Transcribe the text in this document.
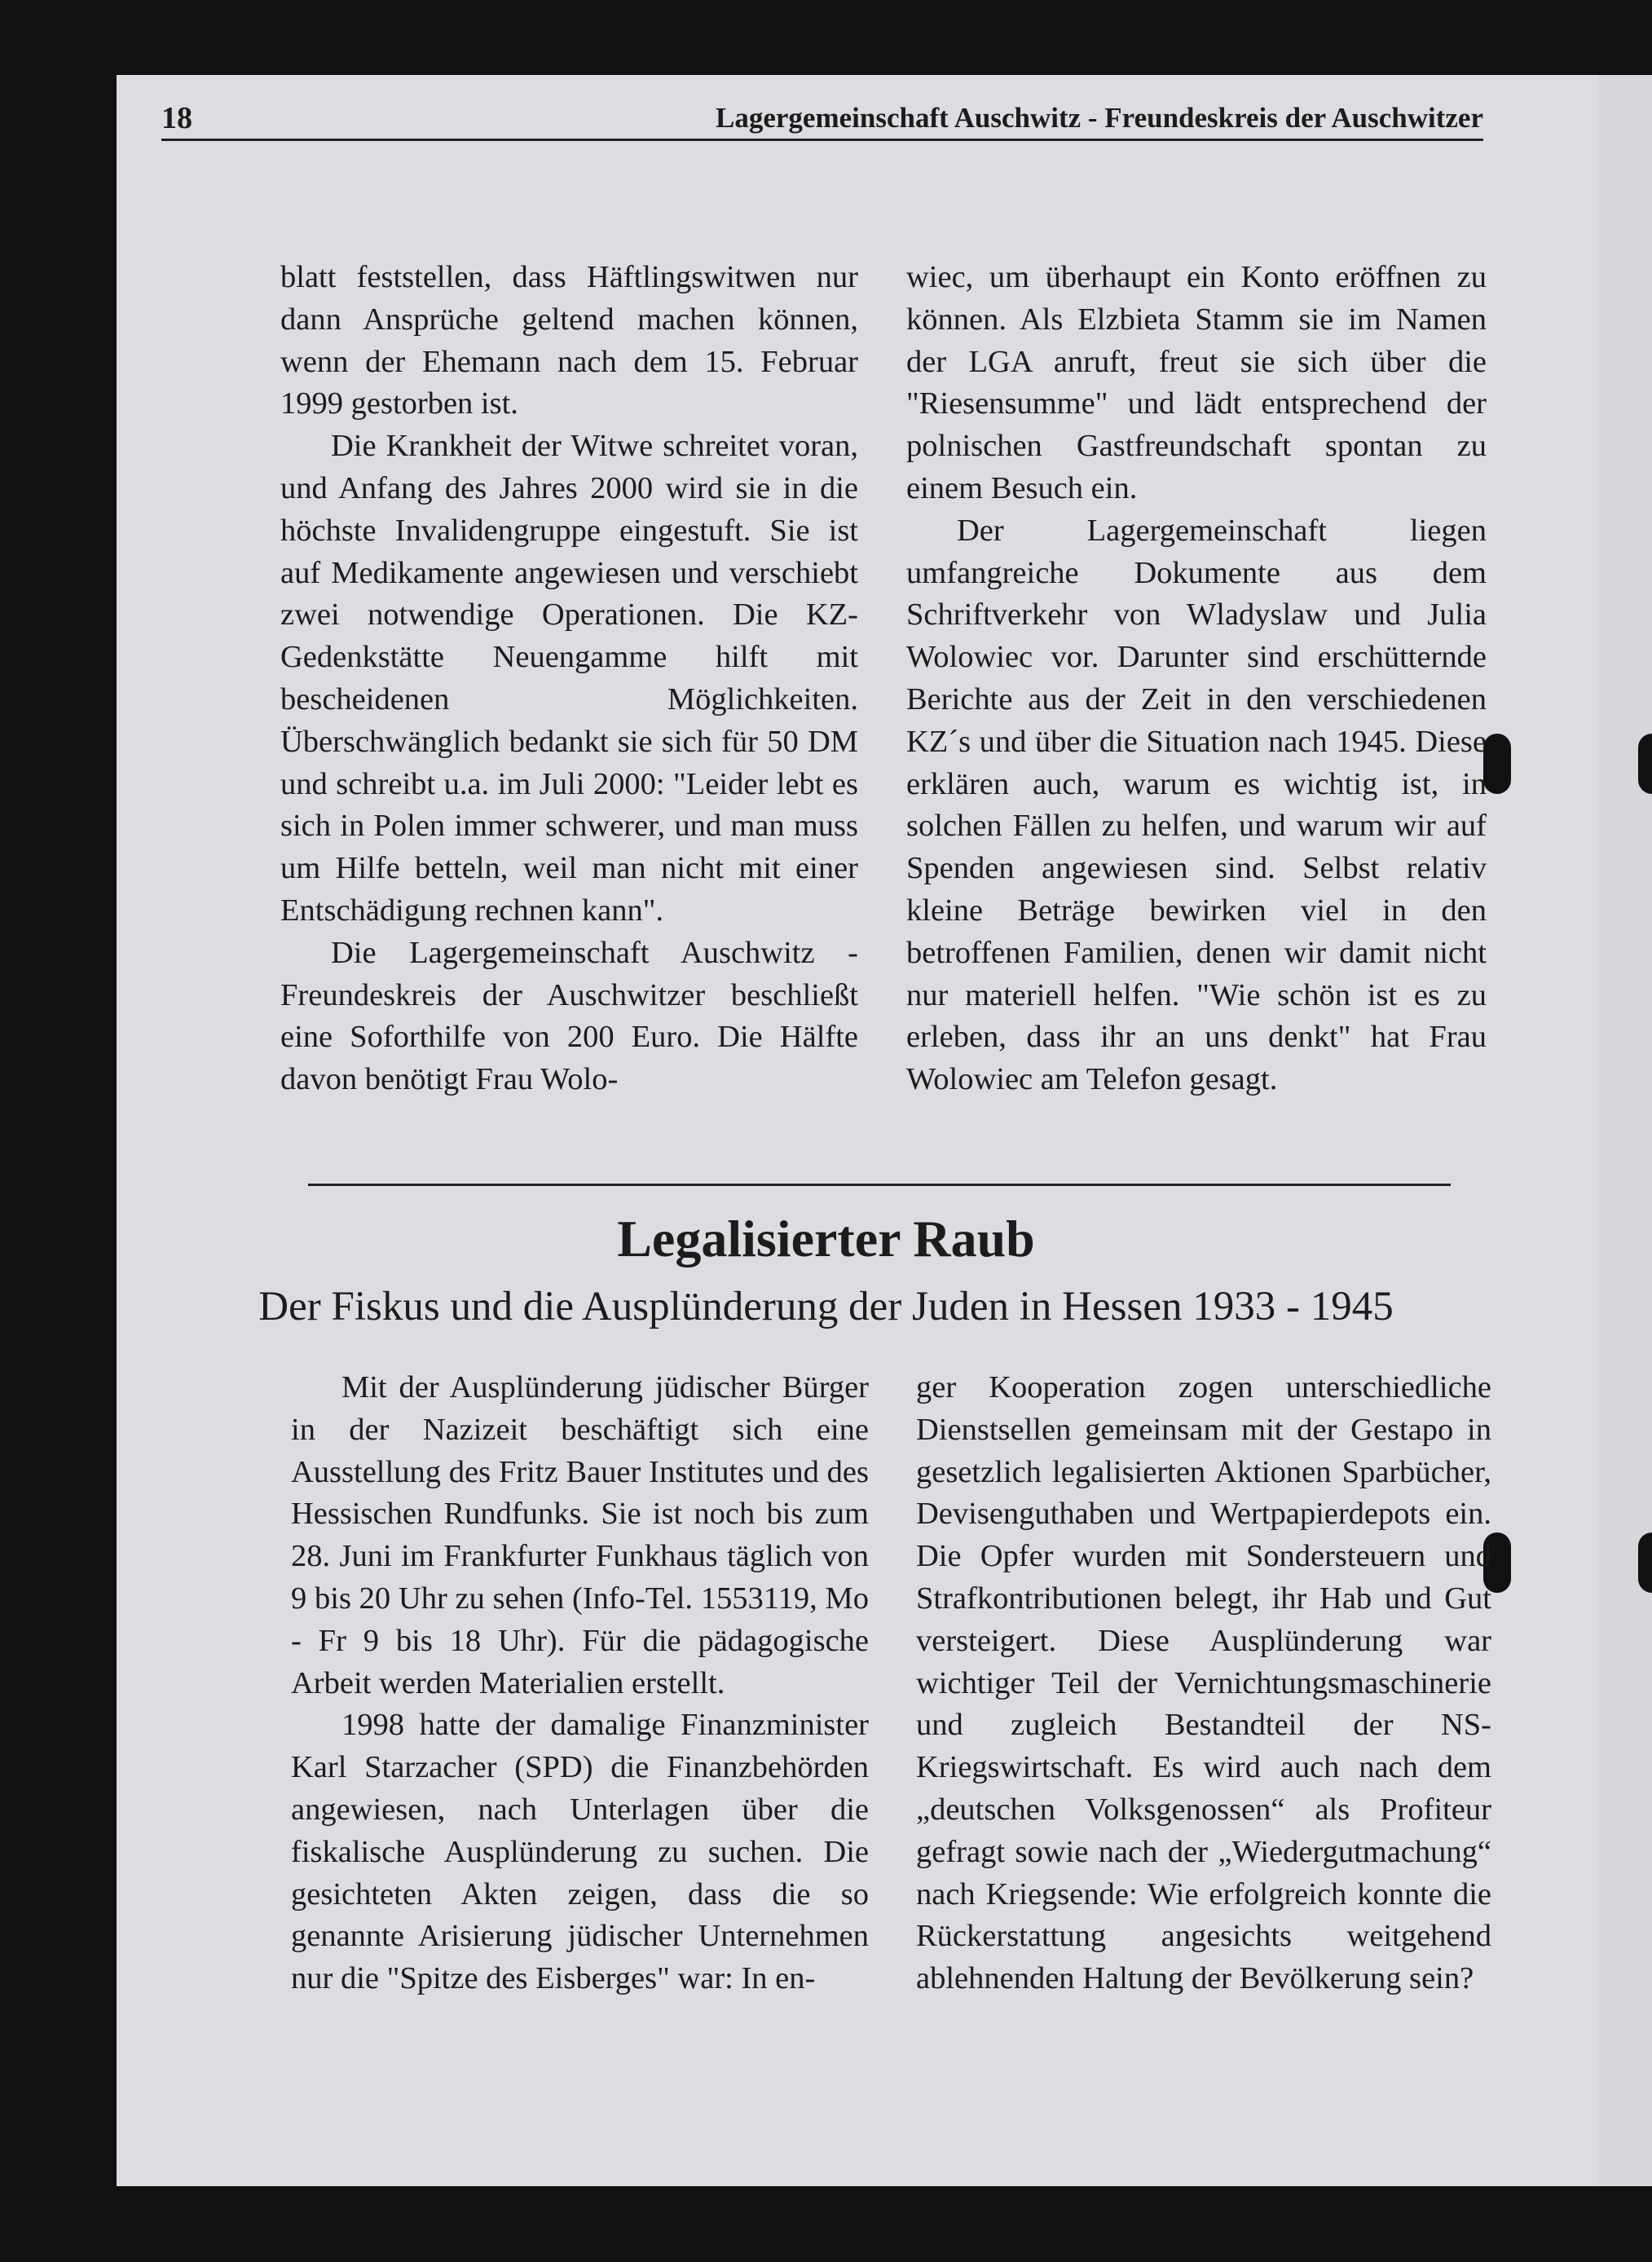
18	Lagergemeinschaft Auschwitz - Freundeskreis der Auschwitzer

blatt feststellen, dass Häftlingswitwen nur dann Ansprüche geltend machen können, wenn der Ehemann nach dem 15. Februar 1999 gestorben ist.

Die Krankheit der Witwe schreitet voran, und Anfang des Jahres 2000 wird sie in die höchste Invalidengruppe eingestuft. Sie ist auf Medikamente angewiesen und verschiebt zwei notwendige Operationen. Die KZ-Gedenkstätte Neuengamme hilft mit bescheidenen Möglichkeiten. Überschwänglich bedankt sie sich für 50 DM und schreibt u.a. im Juli 2000: "Leider lebt es sich in Polen immer schwerer, und man muss um Hilfe betteln, weil man nicht mit einer Entschädigung rechnen kann".

Die Lagergemeinschaft Auschwitz - Freundeskreis der Auschwitzer beschließt eine Soforthilfe von 200 Euro. Die Hälfte davon benötigt Frau Wolo-

wiec, um überhaupt ein Konto eröffnen zu können. Als Elzbieta Stamm sie im Namen der LGA anruft, freut sie sich über die "Riesensumme" und lädt entsprechend der polnischen Gastfreundschaft spontan zu einem Besuch ein.

Der Lagergemeinschaft liegen umfangreiche Dokumente aus dem Schriftverkehr von Wladyslaw und Julia Wolowiec vor. Darunter sind erschütternde Berichte aus der Zeit in den verschiedenen KZ´s und über die Situation nach 1945. Diese erklären auch, warum es wichtig ist, in solchen Fällen zu helfen, und warum wir auf Spenden angewiesen sind. Selbst relativ kleine Beträge bewirken viel in den betroffenen Familien, denen wir damit nicht nur materiell helfen. "Wie schön ist es zu erleben, dass ihr an uns denkt" hat Frau Wolowiec am Telefon gesagt.

Legalisierter Raub
Der Fiskus und die Ausplünderung der Juden in Hessen 1933 - 1945

Mit der Ausplünderung jüdischer Bürger in der Nazizeit beschäftigt sich eine Ausstellung des Fritz Bauer Institutes und des Hessischen Rundfunks. Sie ist noch bis zum 28. Juni im Frankfurter Funkhaus täglich von 9 bis 20 Uhr zu sehen (Info-Tel. 1553119, Mo - Fr 9 bis 18 Uhr). Für die pädagogische Arbeit werden Materialien erstellt.

1998 hatte der damalige Finanzminister Karl Starzacher (SPD) die Finanzbehörden angewiesen, nach Unterlagen über die fiskalische Ausplünderung zu suchen. Die gesichteten Akten zeigen, dass die so genannte Arisierung jüdischer Unternehmen nur die "Spitze des Eisberges" war: In en-

ger Kooperation zogen unterschiedliche Dienstsellen gemeinsam mit der Gestapo in gesetzlich legalisierten Aktionen Sparbücher, Devisenguthaben und Wertpapierdepots ein. Die Opfer wurden mit Sondersteuern und Strafkontributionen belegt, ihr Hab und Gut versteigert. Diese Ausplünderung war wichtiger Teil der Vernichtungsmaschinerie und zugleich Bestandteil der NS-Kriegswirtschaft. Es wird auch nach dem „deutschen Volksgenossen“ als Profiteur gefragt sowie nach der „Wiedergutmachung“ nach Kriegsende: Wie erfolgreich konnte die Rückerstattung angesichts weitgehend ablehnenden Haltung der Bevölkerung sein?
